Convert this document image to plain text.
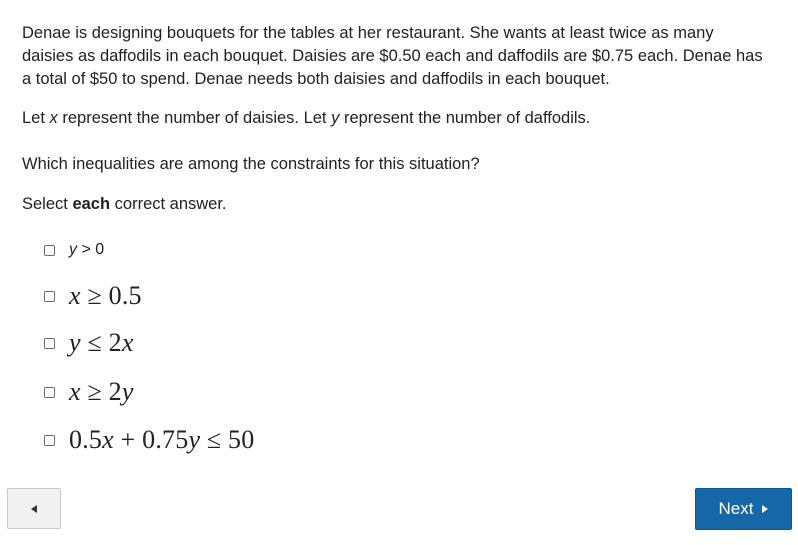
Denae is designing bouquets for the tables at her restaurant. She wants at least twice as many daisies as daffodils in each bouquet. Daisies are $0.50 each and daffodils are $0.75 each. Denae has a total of $50 to spend. Denae needs both daisies and daffodils in each bouquet.

Let x represent the number of daisies. Let y represent the number of daffodils.

Which inequalities are among the constraints for this situation?

Select each correct answer.

y > 0
x ≥ 0.5
y ≤ 2x
x ≥ 2y
0.5x + 0.75y ≤ 50
Next
